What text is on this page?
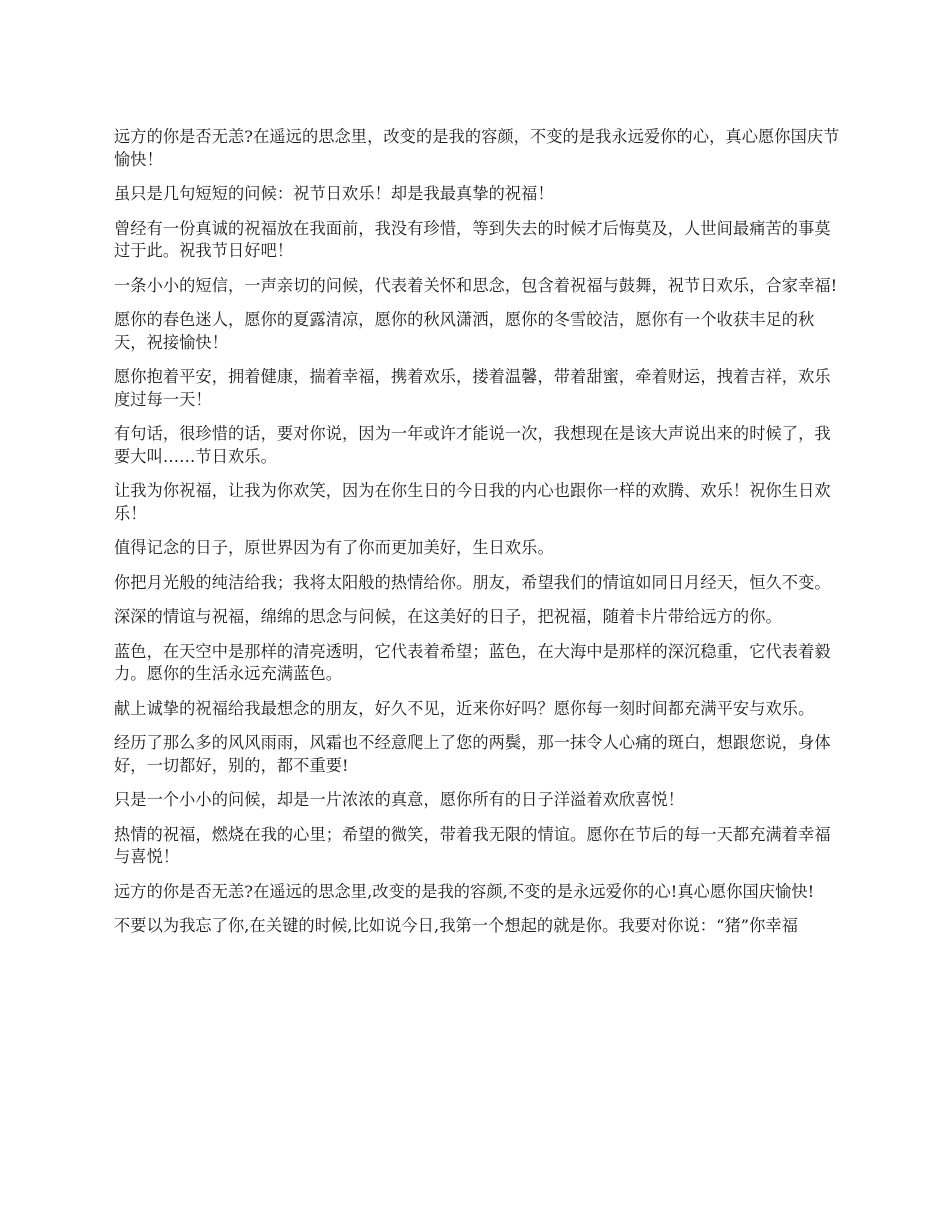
远方的你是否无恙?在遥远的思念里，改变的是我的容颜，不变的是我永远爱你的心，真心愿你国庆节愉快！

虽只是几句短短的问候：祝节日欢乐！却是我最真挚的祝福！

曾经有一份真诚的祝福放在我面前，我没有珍惜，等到失去的时候才后悔莫及，人世间最痛苦的事莫过于此。祝我节日好吧！

一条小小的短信，一声亲切的问候，代表着关怀和思念，包含着祝福与鼓舞，祝节日欢乐，合家幸福!

愿你的春色迷人，愿你的夏露清凉，愿你的秋风潇洒，愿你的冬雪皎洁，愿你有一个收获丰足的秋天，祝接愉快！

愿你抱着平安，拥着健康，揣着幸福，携着欢乐，搂着温馨，带着甜蜜，牵着财运，拽着吉祥，欢乐度过每一天！

有句话，很珍惜的话，要对你说，因为一年或许才能说一次，我想现在是该大声说出来的时候了，我要大叫……节日欢乐。

让我为你祝福，让我为你欢笑，因为在你生日的今日我的内心也跟你一样的欢腾、欢乐！祝你生日欢乐！

值得记念的日子，原世界因为有了你而更加美好，生日欢乐。

你把月光般的纯洁给我；我将太阳般的热情给你。朋友，希望我们的情谊如同日月经天，恒久不变。

深深的情谊与祝福，绵绵的思念与问候，在这美好的日子，把祝福，随着卡片带给远方的你。

蓝色，在天空中是那样的清亮透明，它代表着希望；蓝色，在大海中是那样的深沉稳重，它代表着毅力。愿你的生活永远充满蓝色。

献上诚挚的祝福给我最想念的朋友，好久不见，近来你好吗？愿你每一刻时间都充满平安与欢乐。

经历了那么多的风风雨雨，风霜也不经意爬上了您的两鬓，那一抹令人心痛的斑白，想跟您说，身体好，一切都好，别的，都不重要!

只是一个小小的问候，却是一片浓浓的真意，愿你所有的日子洋溢着欢欣喜悦！

热情的祝福，燃烧在我的心里；希望的微笑，带着我无限的情谊。愿你在节后的每一天都充满着幸福与喜悦！

远方的你是否无恙?在遥远的思念里,改变的是我的容颜,不变的是永远爱你的心!真心愿你国庆愉快!

不要以为我忘了你,在关键的时候,比如说今日,我第一个想起的就是你。我要对你说：“猪”你幸福
